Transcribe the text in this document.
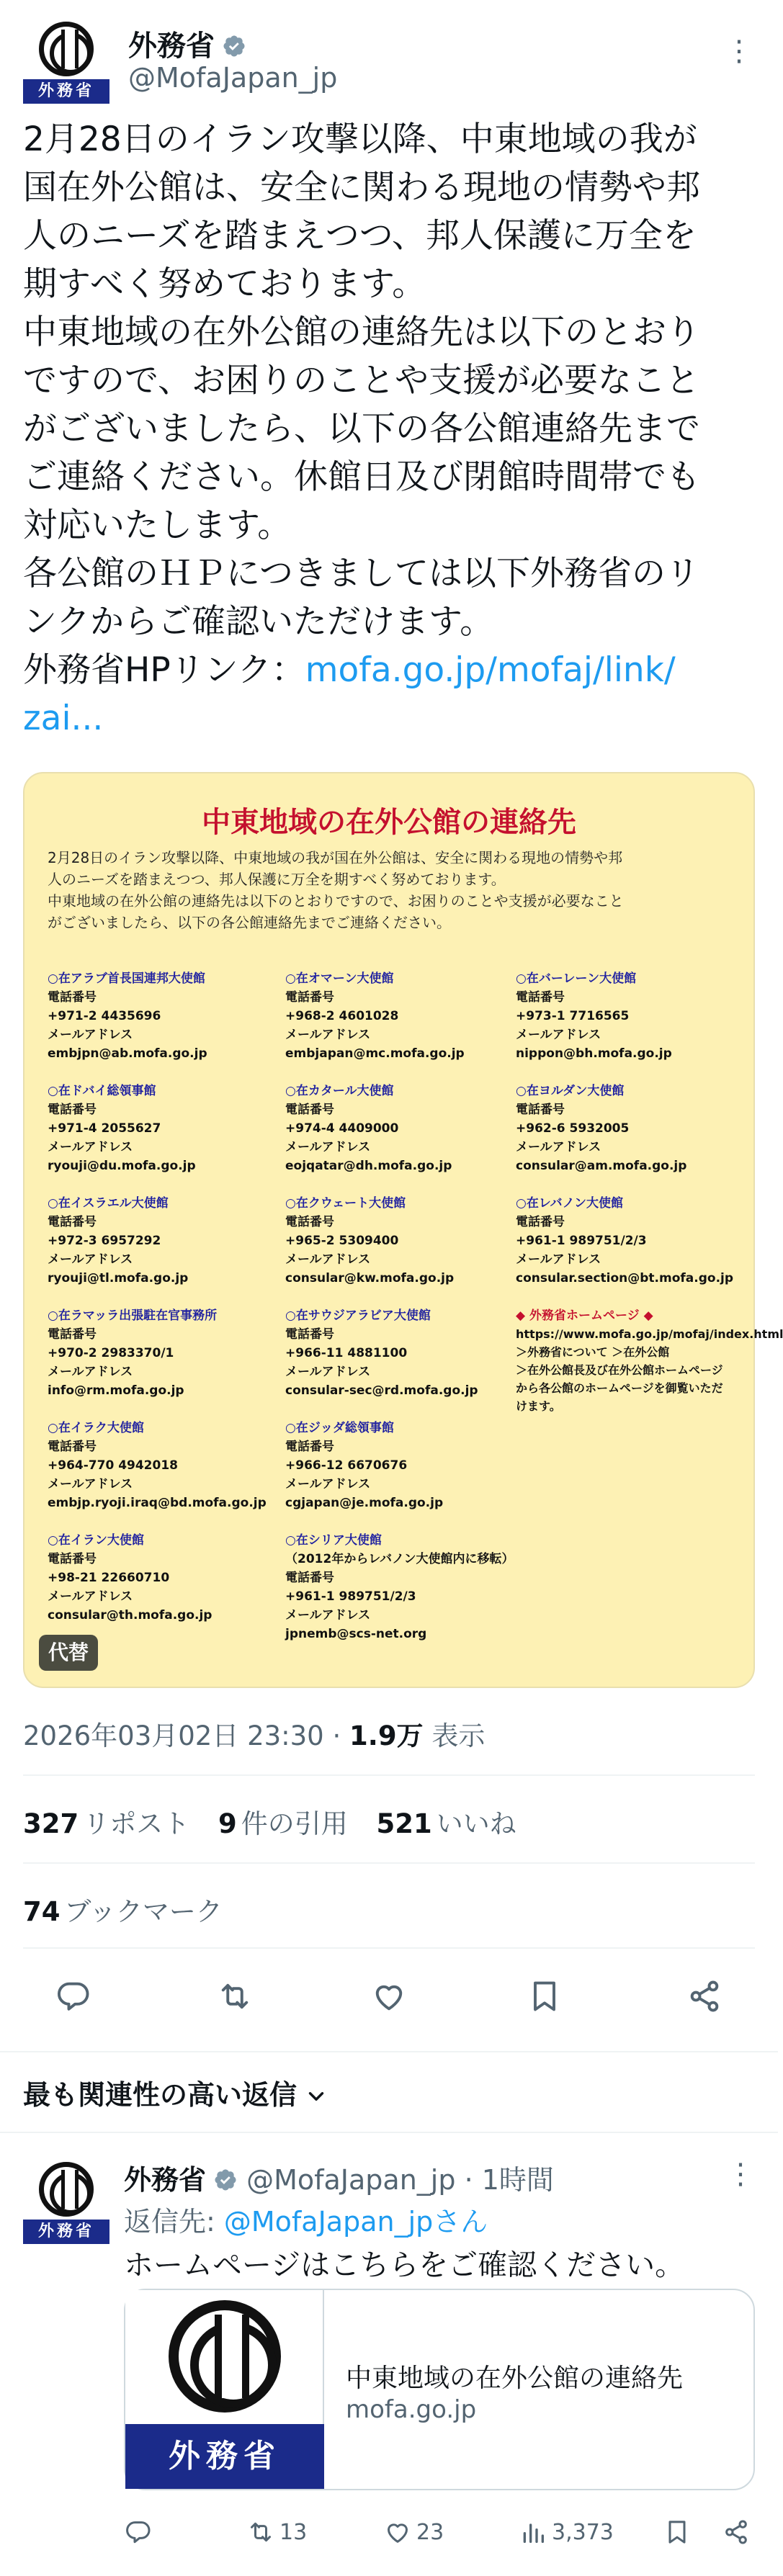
外務省
外務省
@MofaJapan_jp
⋮

2月28日のイラン攻撃以降、中東地域の我が

国在外公館は、安全に関わる現地の情勢や邦

人のニーズを踏まえつつ、邦人保護に万全を

期すべく努めております。

中東地域の在外公館の連絡先は以下のとおり

ですので、お困りのことや支援が必要なこと

がございましたら、以下の各公館連絡先まで

ご連絡ください。休館日及び閉館時間帯でも

対応いたします。

各公館のＨＰにつきましては以下外務省のリ

ンクからご確認いただけます。

外務省HPリンク：mofa.go.jp/mofaj/link/

zai...

中東地域の在外公館の連絡先
2月28日のイラン攻撃以降、中東地域の我が国在外公館は、安全に関わる現地の情勢や邦
人のニーズを踏まえつつ、邦人保護に万全を期すべく努めております。
中東地域の在外公館の連絡先は以下のとおりですので、お困りのことや支援が必要なこと
がございましたら、以下の各公館連絡先までご連絡ください。
○在アラブ首長国連邦大使館
電話番号
+971-2 4435696
メールアドレス
embjpn@ab.mofa.go.jp
○在オマーン大使館
電話番号
+968-2 4601028
メールアドレス
embjapan@mc.mofa.go.jp
○在バーレーン大使館
電話番号
+973-1 7716565
メールアドレス
nippon@bh.mofa.go.jp
○在ドバイ総領事館
電話番号
+971-4 2055627
メールアドレス
ryouji@du.mofa.go.jp
○在カタール大使館
電話番号
+974-4 4409000
メールアドレス
eojqatar@dh.mofa.go.jp
○在ヨルダン大使館
電話番号
+962-6 5932005
メールアドレス
consular@am.mofa.go.jp
○在イスラエル大使館
電話番号
+972-3 6957292
メールアドレス
ryouji@tl.mofa.go.jp
○在クウェート大使館
電話番号
+965-2 5309400
メールアドレス
consular@kw.mofa.go.jp
○在レバノン大使館
電話番号
+961-1 989751/2/3
メールアドレス
consular.section@bt.mofa.go.jp
○在ラマッラ出張駐在官事務所
電話番号
+970-2 2983370/1
メールアドレス
info@rm.mofa.go.jp
○在サウジアラビア大使館
電話番号
+966-11 4881100
メールアドレス
consular-sec@rd.mofa.go.jp
◆ 外務省ホームページ ◆
https://www.mofa.go.jp/mofaj/index.html
＞外務省について ＞在外公館
＞在外公館長及び在外公館ホームページ
から各公館のホームページを御覧いただ
けます。
○在イラク大使館
電話番号
+964-770 4942018
メールアドレス
embjp.ryoji.iraq@bd.mofa.go.jp
○在ジッダ総領事館
電話番号
+966-12 6670676
メールアドレス
cgjapan@je.mofa.go.jp
○在イラン大使館
電話番号
+98-21 22660710
メールアドレス
consular@th.mofa.go.jp
○在シリア大使館
（2012年からレバノン大使館内に移転）
電話番号
+961-1 989751/2/3
メールアドレス
jpnemb@scs-net.org
代替
2026年03月02日 23:30 · 1.9万 表示
327 リポスト 9 件の引用 521 いいね
74 ブックマーク
最も関連性の高い返信
外務省
外務省 @MofaJapan_jp · 1時間	⋮
返信先: @MofaJapan_jpさん
ホームページはこちらをご確認ください。
外務省
中東地域の在外公館の連絡先
mofa.go.jp
13	23	3,373
